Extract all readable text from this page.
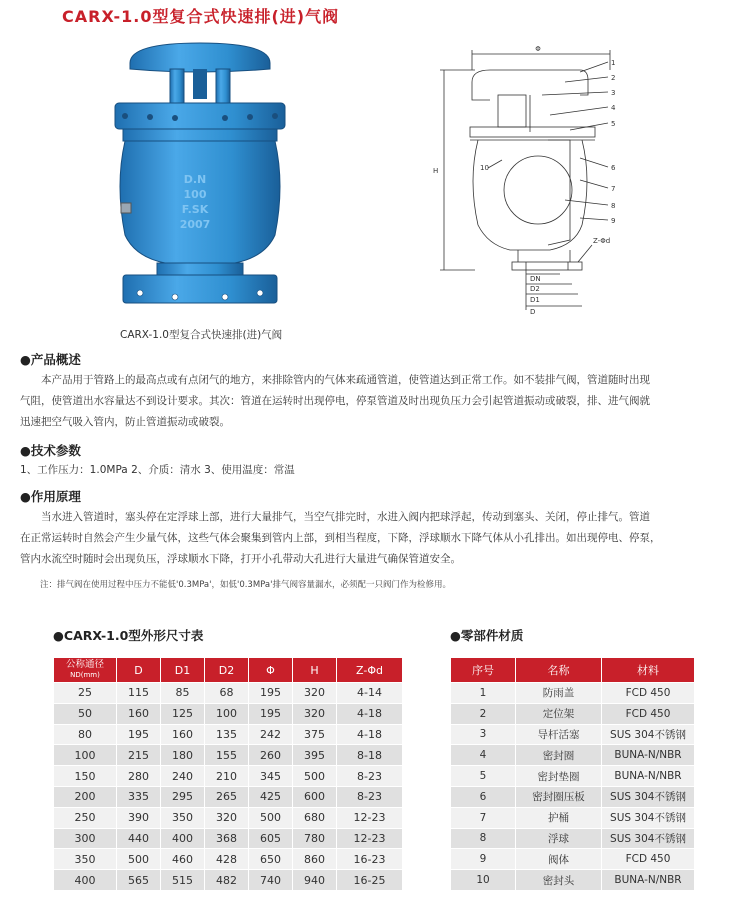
CARX-1.0型复合式快速排(进)气阀
D.N
100
F.SK
2007
CARX-1.0型复合式快速排(进)气阀
Φ
H
DN
D2
D1
D
Z-Φd
1
2
3
4
5
6
7
8
9
10
●产品概述
本产品用于管路上的最高点或有点闭气的地方，来排除管内的气体来疏通管道，使管道达到正常工作。如不装排气阀，管道随时出现
气阻，使管道出水容量达不到设计要求。其次：管道在运转时出现停电，停泵管道及时出现负压力会引起管道振动或破裂，排、进气阀就
迅速把空气吸入管内，防止管道振动或破裂。
●技术参数
1、工作压力：1.0MPa 2、介质：清水 3、使用温度：常温
●作用原理
当水进入管道时，塞头停在定浮球上部，进行大量排气，当空气排完时，水进入阀内把球浮起，传动到塞头、关闭，停止排气。管道
在正常运转时自然会产生少量气体，这些气体会聚集到管内上部，到相当程度，下降，浮球顺水下降气体从小孔排出。如出现停电、停泵，
管内水流空时随时会出现负压，浮球顺水下降，打开小孔带动大孔进行大量进气确保管道安全。
注：排气阀在使用过程中压力不能低'0.3MPa'，如低'0.3MPa'排气阀容量漏水，必须配一只阀门作为检修用。
●CARX-1.0型外形尺寸表
公称通径
ND(mm)	D	D1	D2	Φ	H	Z-Φd
25	115	85	68	195	320	4-14
50	160	125	100	195	320	4-18
80	195	160	135	242	375	4-18
100	215	180	155	260	395	8-18
150	280	240	210	345	500	8-23
200	335	295	265	425	600	8-23
250	390	350	320	500	680	12-23
300	440	400	368	605	780	12-23
350	500	460	428	650	860	16-23
400	565	515	482	740	940	16-25
●零部件材质
序号	名称	材料
1	防雨盖	FCD 450
2	定位架	FCD 450
3	导杆活塞	SUS 304不锈钢
4	密封圈	BUNA-N/NBR
5	密封垫圈	BUNA-N/NBR
6	密封圈压板	SUS 304不锈钢
7	护桶	SUS 304不锈钢
8	浮球	SUS 304不锈钢
9	阀体	FCD 450
10	密封头	BUNA-N/NBR
